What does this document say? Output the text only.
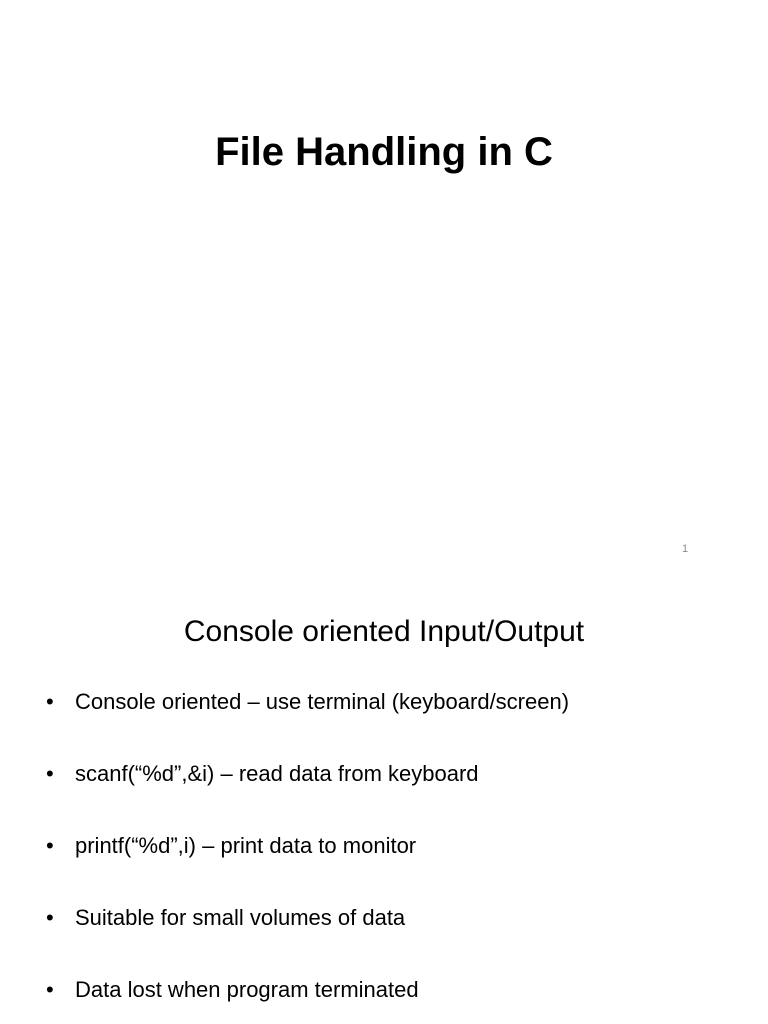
File Handling in C
1
Console oriented Input/Output
• Console oriented – use terminal (keyboard/screen)
• scanf(“%d”,&i) – read data from keyboard
• printf(“%d”,i) – print data to monitor
• Suitable for small volumes of data
• Data lost when program terminated
